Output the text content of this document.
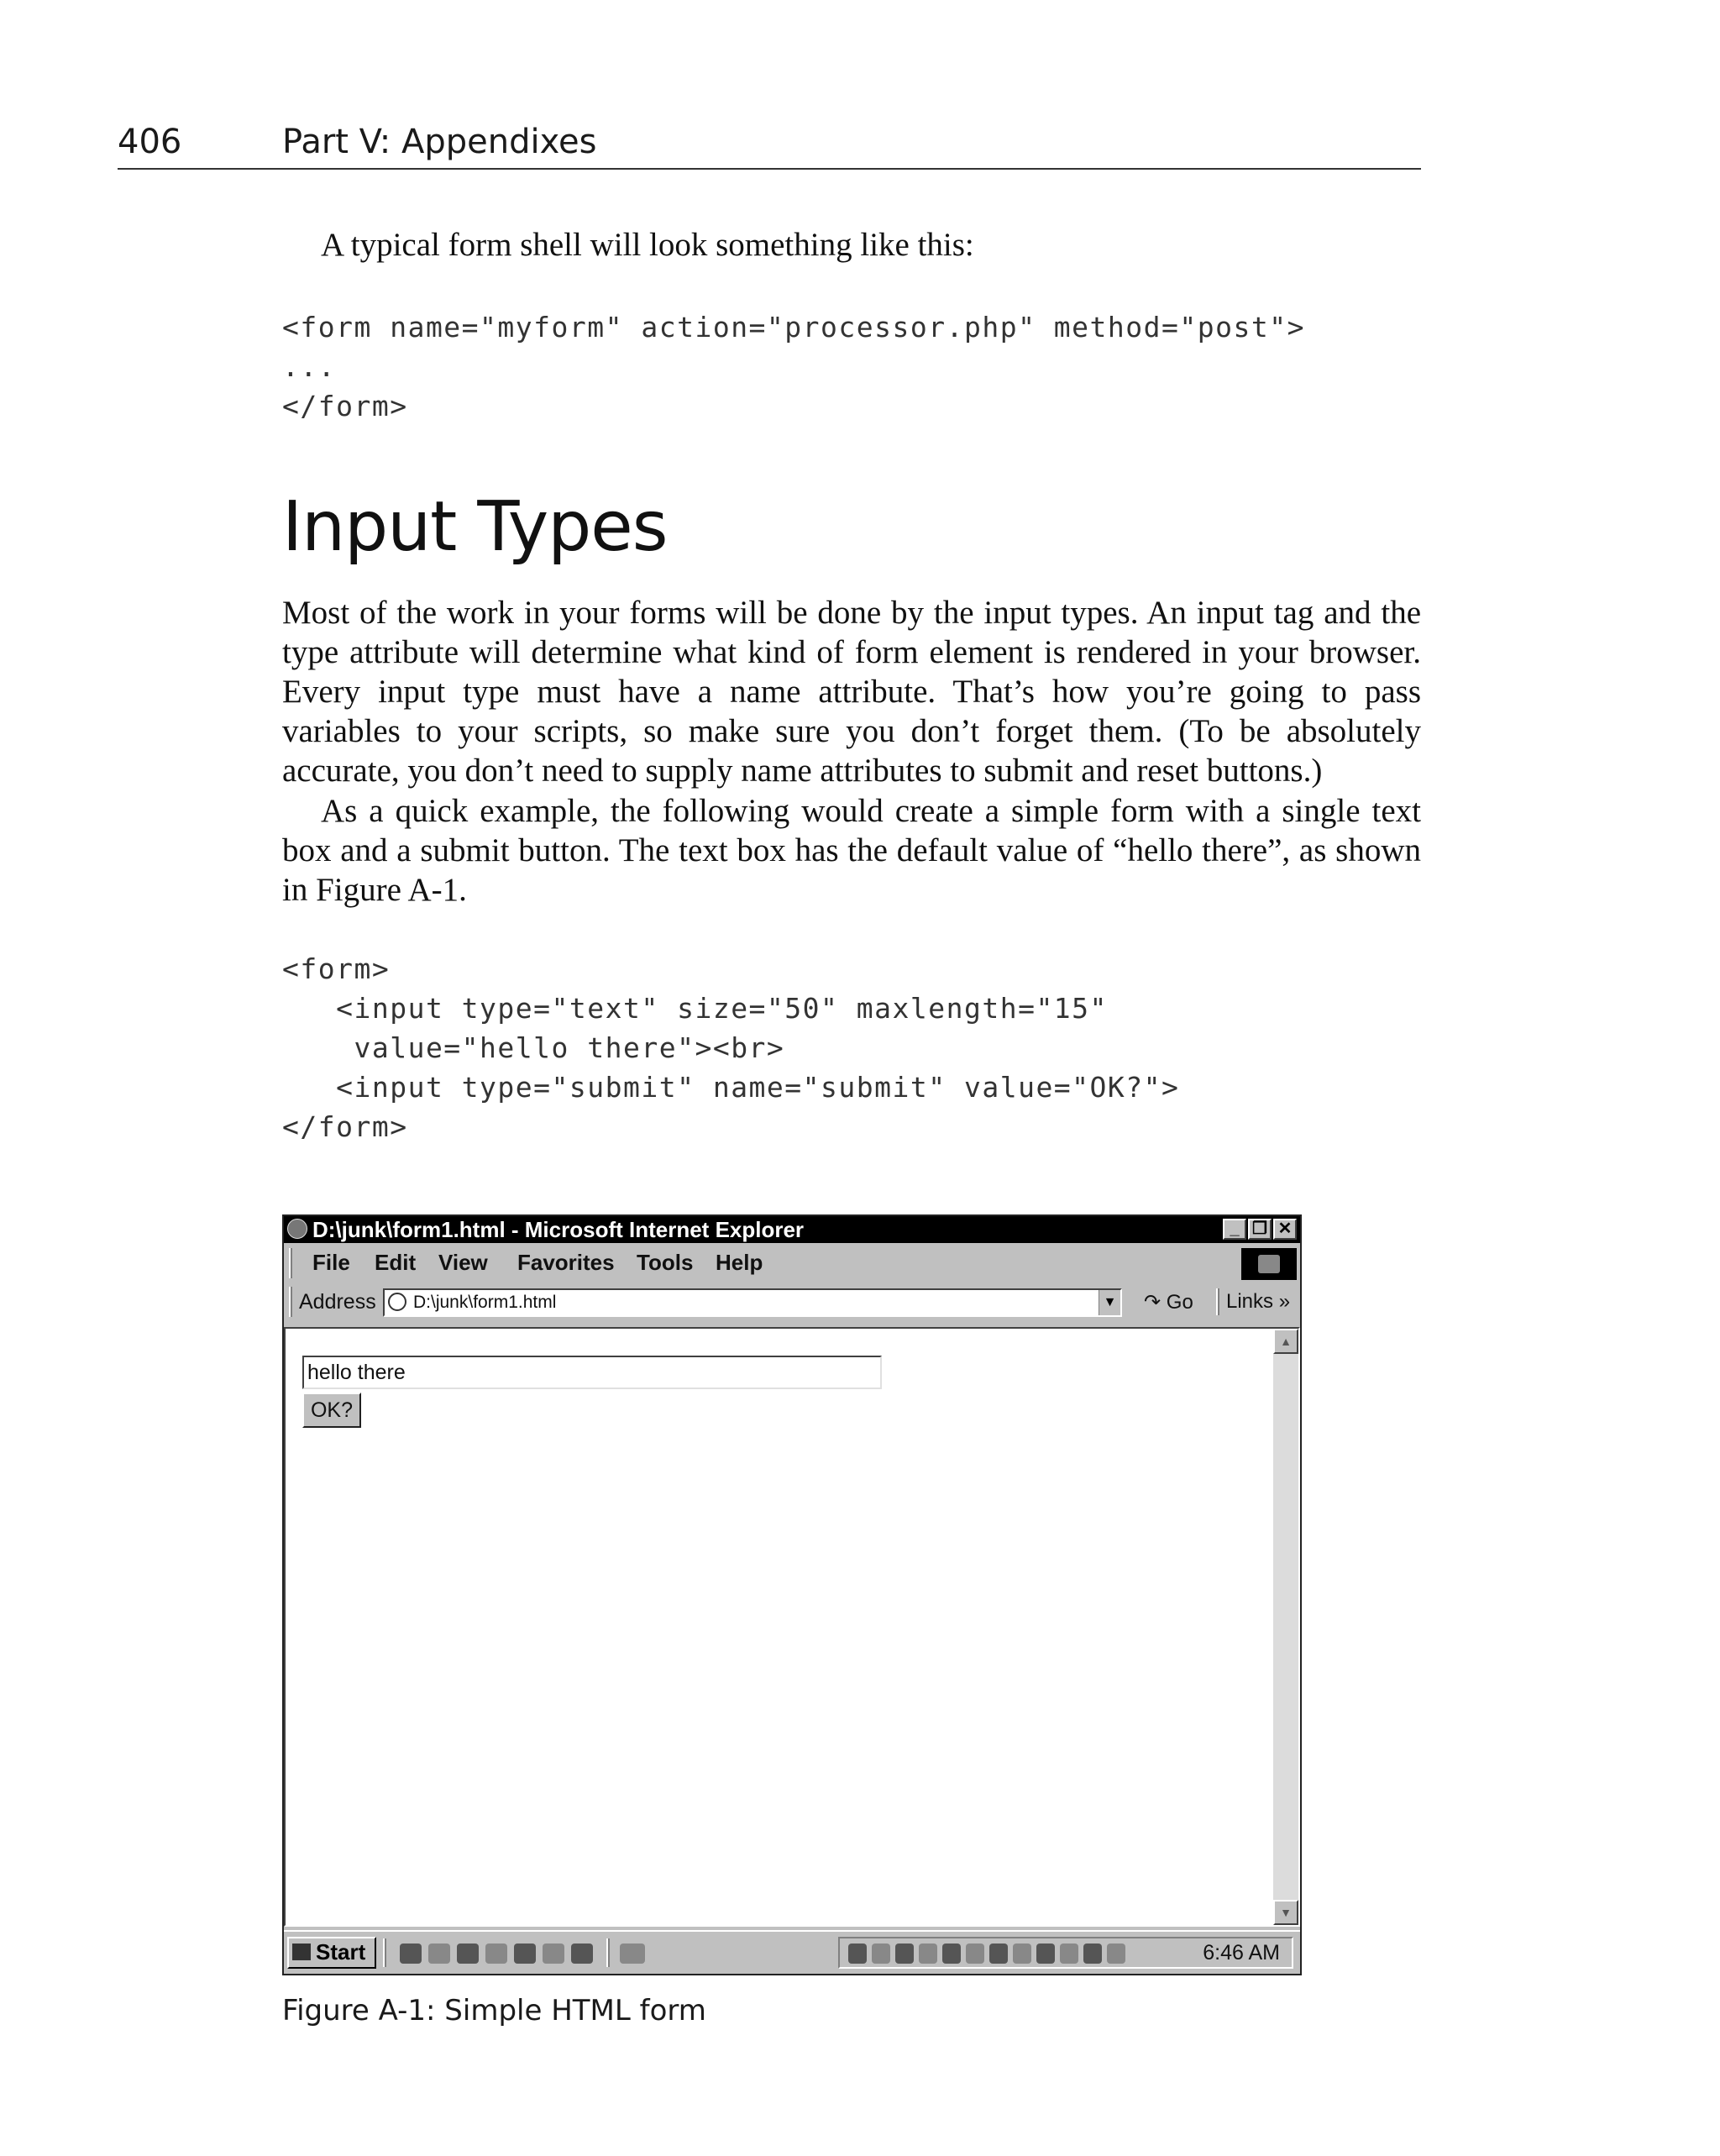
406	Part V: Appendixes
A typical form shell will look something like this:
<form name="myform" action="processor.php" method="post">
...
</form>
Input Types
Most of the work in your forms will be done by the input types. An input tag and the type attribute will determine what kind of form element is rendered in your browser. Every input type must have a name attribute. That’s how you’re going to pass variables to your scripts, so make sure you don’t forget them. (To be absolutely accurate, you don’t need to supply name attributes to submit and reset buttons.)
As a quick example, the following would create a simple form with a single text box and a submit button. The text box has the default value of “hello there”, as shown in Figure A-1.
<form>
<input type="text" size="50" maxlength="15"
value="hello there"><br>
<input type="submit" name="submit" value="OK?">
</form>
D:\junk\form1.html - Microsoft Internet Explorer	_ ❐ ✕
File Edit View Favorites Tools Help
Address D:\junk\form1.html	▼ ↷ Go Links »
hello there
OK?
▲
▼
Start	6:46 AM
Figure A-1: Simple HTML form
